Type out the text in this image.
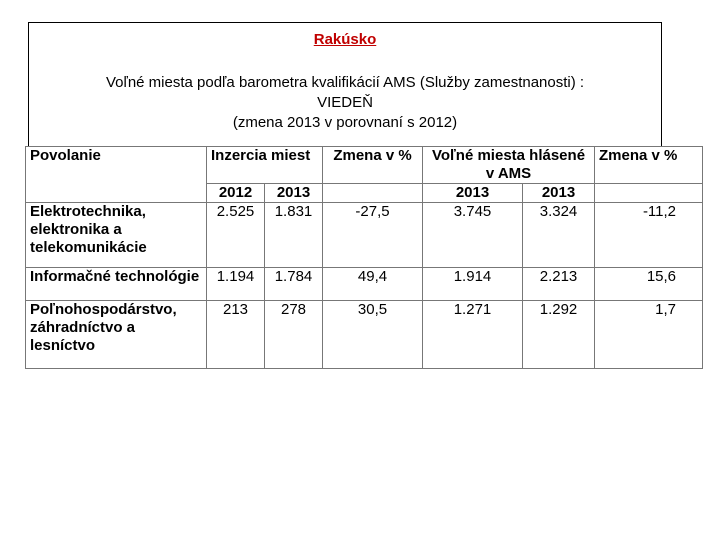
Rakúsko
Voľné miesta podľa barometra kvalifikácií AMS (Služby zamestnanosti) :
VIEDEŇ
(zmena 2013 v porovnaní s 2012)
Povolanie	Inzercia miest		Zmena v %	Voľné miesta hlásené v AMS		Zmena v %
	2012	2013		2013	2013	
Elektrotechnika, elektronika a telekomunikácie	2.525	1.831	-27,5	3.745	3.324	-11,2
Informačné technológie	1.194	1.784	49,4	1.914	2.213	15,6
Poľnohospodárstvo, záhradníctvo a lesníctvo	213	278	30,5	1.271	1.292	1,7
